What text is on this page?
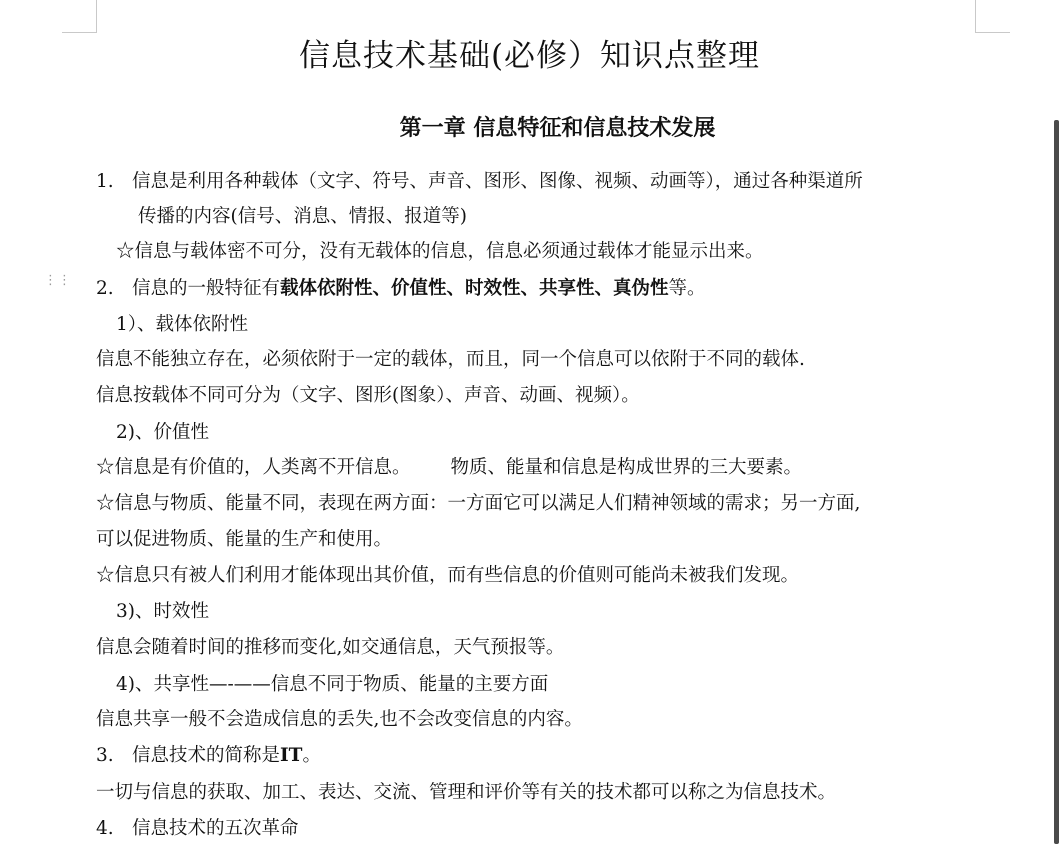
⋮⋮
信息技术基础(必修）知识点整理
第一章 信息特征和信息技术发展
1. 信息是利用各种载体（文字、符号、声音、图形、图像、视频、动画等），通过各种渠道所
传播的内容(信号、消息、情报、报道等)
☆信息与载体密不可分，没有无载体的信息，信息必须通过载体才能显示出来。
2. 信息的一般特征有载体依附性、价值性、时效性、共享性、真伪性等。
1）、载体依附性
信息不能独立存在，必须依附于一定的载体，而且，同一个信息可以依附于不同的载体.
信息按载体不同可分为（文字、图形(图象）、声音、动画、视频）。
2)、价值性
☆信息是有价值的，人类离不开信息。 物质、能量和信息是构成世界的三大要素。
☆信息与物质、能量不同，表现在两方面：一方面它可以满足人们精神领域的需求；另一方面,
可以促进物质、能量的生产和使用。
☆信息只有被人们利用才能体现出其价值，而有些信息的价值则可能尚未被我们发现。
3)、时效性
信息会随着时间的推移而变化,如交通信息，天气预报等。
4)、共享性—-——信息不同于物质、能量的主要方面
信息共享一般不会造成信息的丢失,也不会改变信息的内容。
3. 信息技术的简称是IT。
一切与信息的获取、加工、表达、交流、管理和评价等有关的技术都可以称之为信息技术。
4. 信息技术的五次革命
